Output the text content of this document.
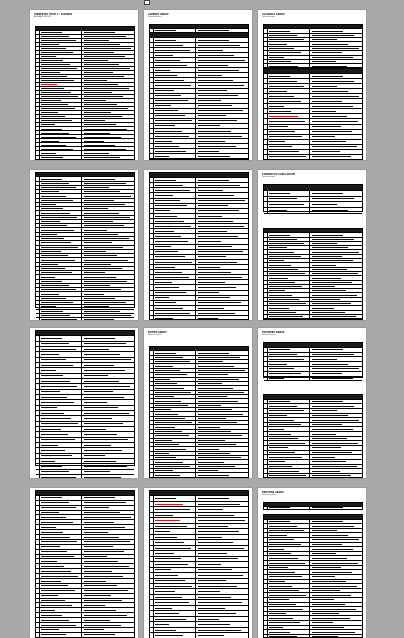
CHEMISTRY TOPIC 1 : ALKANES
ALKANES GROUP
ALKENES GROUP
Tutorial notes
ALCOHOLS GROUP
Tutorial notes
CARBOXYLIC ACIDS GROUP
Tutorial notes
ESTERS GROUP
Tutorial notes
POLYMERS GROUP
Tutorial notes
PROTEINS GROUP
Tutorial notes
